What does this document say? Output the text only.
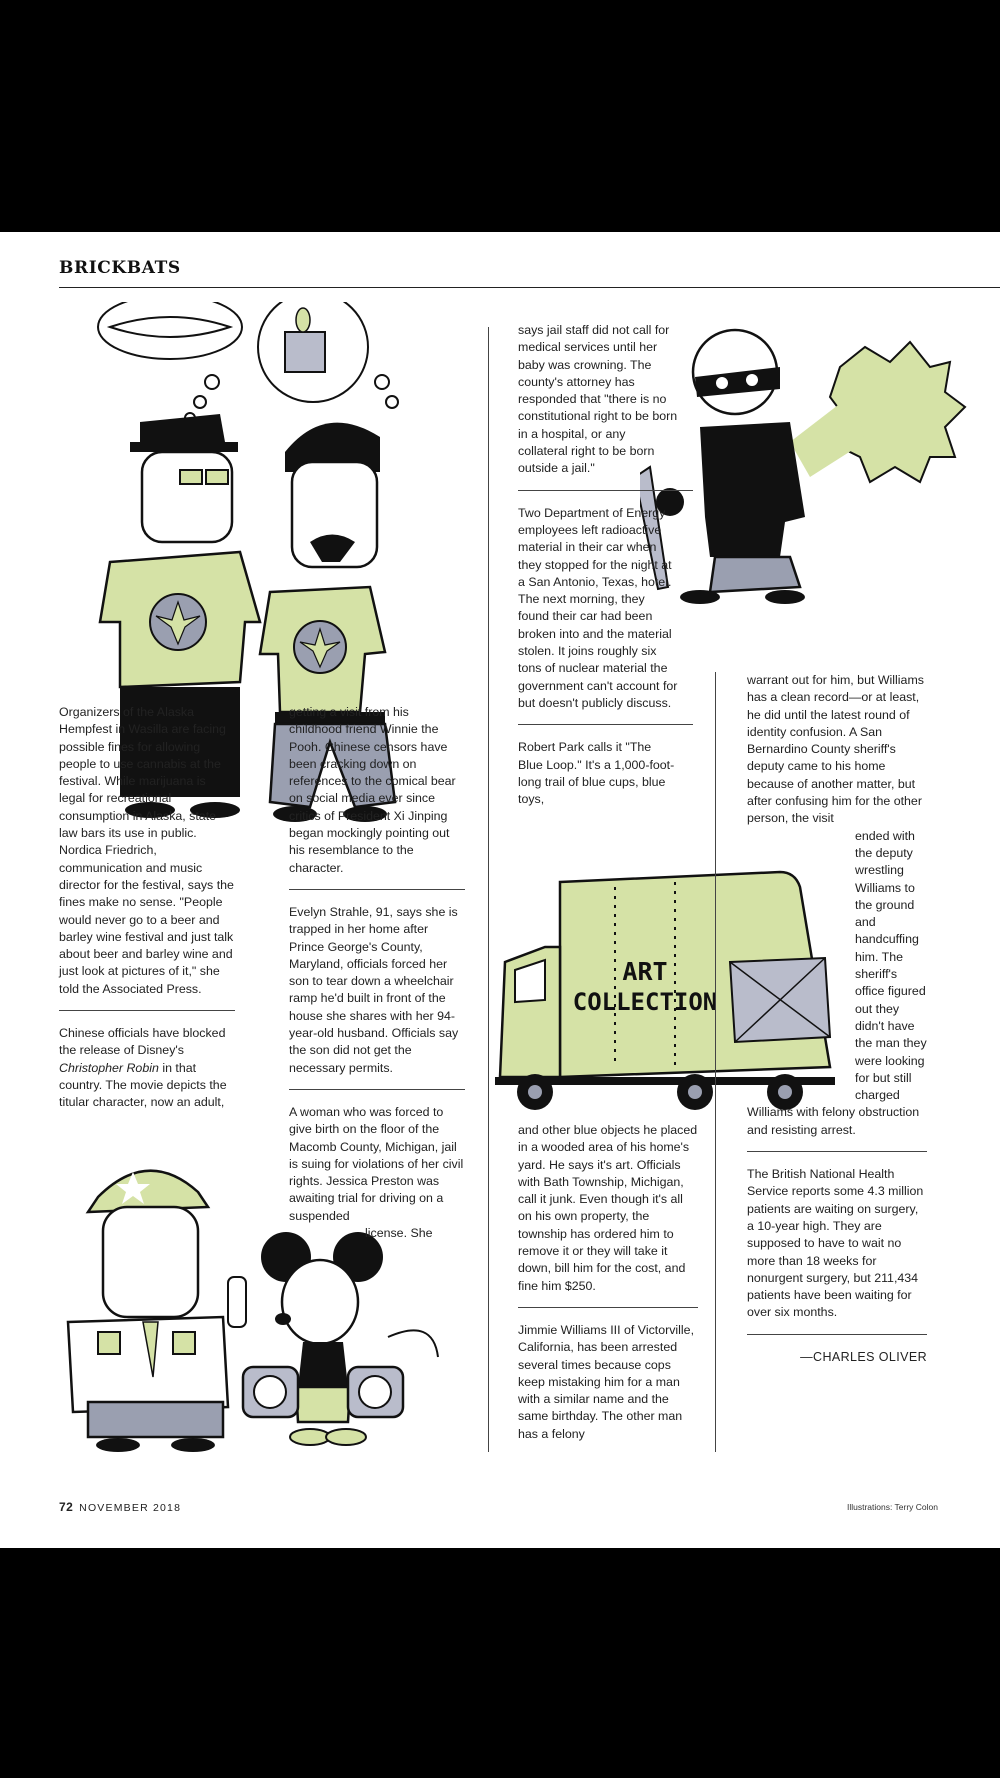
BRICKBATS

Organizers of the Alaska Hempfest in Wasilla are facing possible fines for allowing people to use cannabis at the festival. While marijuana is legal for recreational consumption in Alaska, state law bars its use in public. Nordica Friedrich, communication and music director for the festival, says the fines make no sense. "People would never go to a beer and barley wine festival and just talk about beer and barley wine and just look at pictures of it," she told the Associated Press.

Chinese officials have blocked the release of Disney's Christopher Robin in that country. The movie depicts the titular character, now an adult,

getting a visit from his childhood friend Winnie the Pooh. Chinese censors have been cracking down on references to the comical bear on social media ever since critics of President Xi Jinping began mockingly pointing out his resemblance to the character.

Evelyn Strahle, 91, says she is trapped in her home after Prince George's County, Maryland, officials forced her son to tear down a wheelchair ramp he'd built in front of the house she shares with her 94-year-old husband. Officials say the son did not get the necessary permits.

A woman who was forced to give birth on the floor of the Macomb County, Michigan, jail is suing for violations of her civil rights. Jessica Preston was awaiting trial for driving on a suspended

license. She

says jail staff did not call for medical services until her baby was crowning. The county's attorney has responded that "there is no constitutional right to be born in a hospital, or any collateral right to be born outside a jail."

Two Department of Energy employees left radioactive material in their car when they stopped for the night at a San Antonio, Texas, hotel. The next morning, they found their car had been broken into and the material stolen. It joins roughly six tons of nuclear material the government can't account for but doesn't publicly discuss.

Robert Park calls it "The Blue Loop." It's a 1,000-foot-long trail of blue cups, blue toys,

ART
COLLECTION

and other blue objects he placed in a wooded area of his home's yard. He says it's art. Officials with Bath Township, Michigan, call it junk. Even though it's all on his own property, the township has ordered him to remove it or they will take it down, bill him for the cost, and fine him $250.

Jimmie Williams III of Victorville, California, has been arrested several times because cops keep mistaking him for a man with a similar name and the same birthday. The other man has a felony

warrant out for him, but Williams has a clean record—or at least, he did until the latest round of identity confusion. A San Bernardino County sheriff's deputy came to his home because of another matter, but after confusing him for the other person, the visit

ended with the deputy wrestling Williams to the ground and handcuffing him. The sheriff's office figured out they didn't have the man they were looking for but still charged

Williams with felony obstruction and resisting arrest.

The British National Health Service reports some 4.3 million patients are waiting on surgery, a 10-year high. They are supposed to have to wait no more than 18 weeks for nonurgent surgery, but 211,434 patients have been waiting for over six months.

—CHARLES OLIVER
72 NOVEMBER 2018	Illustrations: Terry Colon
